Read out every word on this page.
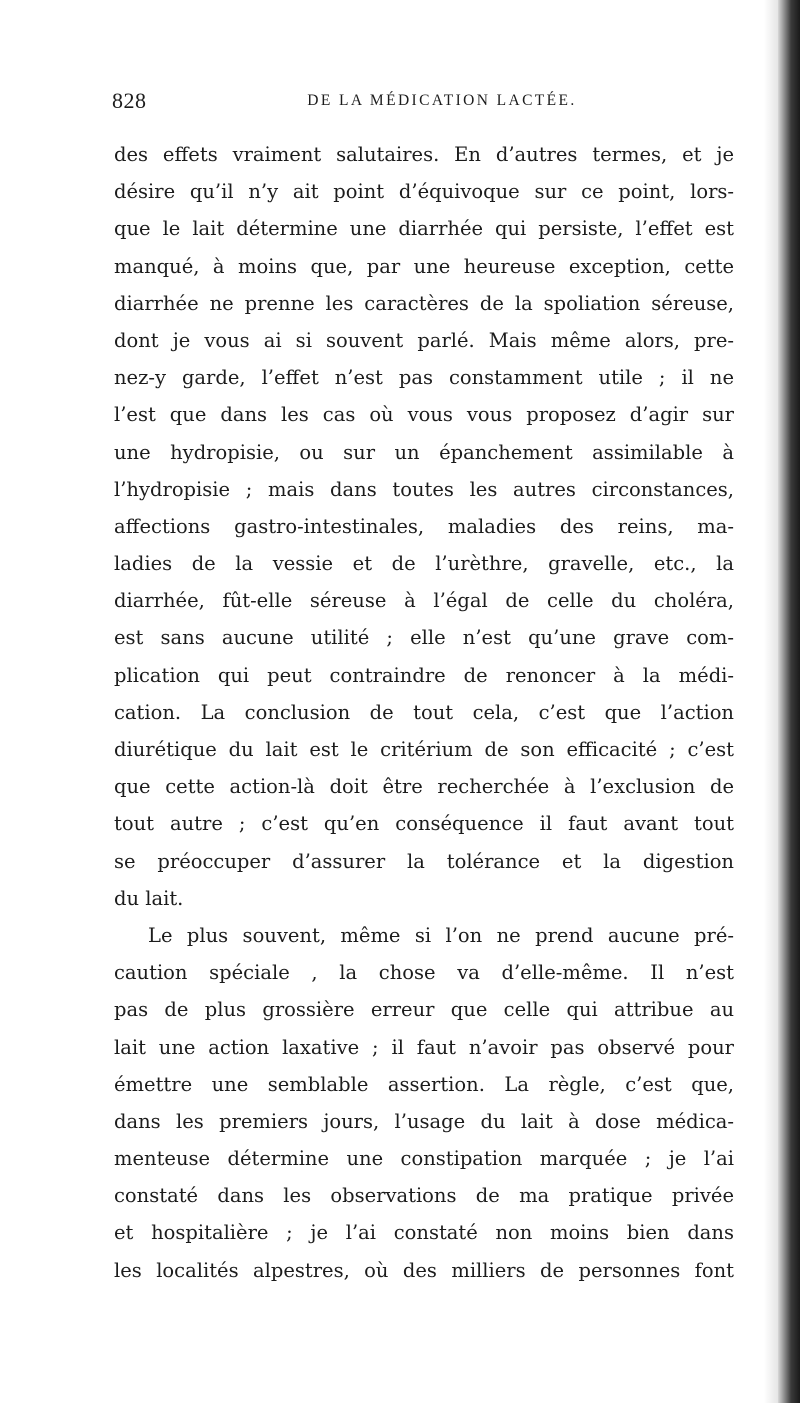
828	DE LA MÉDICATION LACTÉE.
des effets vraiment salutaires. En d’autres termes, et je
désire qu’il n’y ait point d’équivoque sur ce point, lors-
que le lait détermine une diarrhée qui persiste, l’effet est
manqué, à moins que, par une heureuse exception, cette
diarrhée ne prenne les caractères de la spoliation séreuse,
dont je vous ai si souvent parlé. Mais même alors, pre-
nez-y garde, l’effet n’est pas constamment utile ; il ne
l’est que dans les cas où vous vous proposez d’agir sur
une hydropisie, ou sur un épanchement assimilable à
l’hydropisie ; mais dans toutes les autres circonstances,
affections gastro-intestinales, maladies des reins, ma-
ladies de la vessie et de l’urèthre, gravelle, etc., la
diarrhée, fût-elle séreuse à l’égal de celle du choléra,
est sans aucune utilité ; elle n’est qu’une grave com-
plication qui peut contraindre de renoncer à la médi-
cation. La conclusion de tout cela, c’est que l’action
diurétique du lait est le critérium de son efficacité ; c’est
que cette action-là doit être recherchée à l’exclusion de
tout autre ; c’est qu’en conséquence il faut avant tout
se préoccuper d’assurer la tolérance et la digestion
du lait.
Le plus souvent, même si l’on ne prend aucune pré-
caution spéciale , la chose va d’elle-même. Il n’est
pas de plus grossière erreur que celle qui attribue au
lait une action laxative ; il faut n’avoir pas observé pour
émettre une semblable assertion. La règle, c’est que,
dans les premiers jours, l’usage du lait à dose médica-
menteuse détermine une constipation marquée ; je l’ai
constaté dans les observations de ma pratique privée
et hospitalière ; je l’ai constaté non moins bien dans
les localités alpestres, où des milliers de personnes font
